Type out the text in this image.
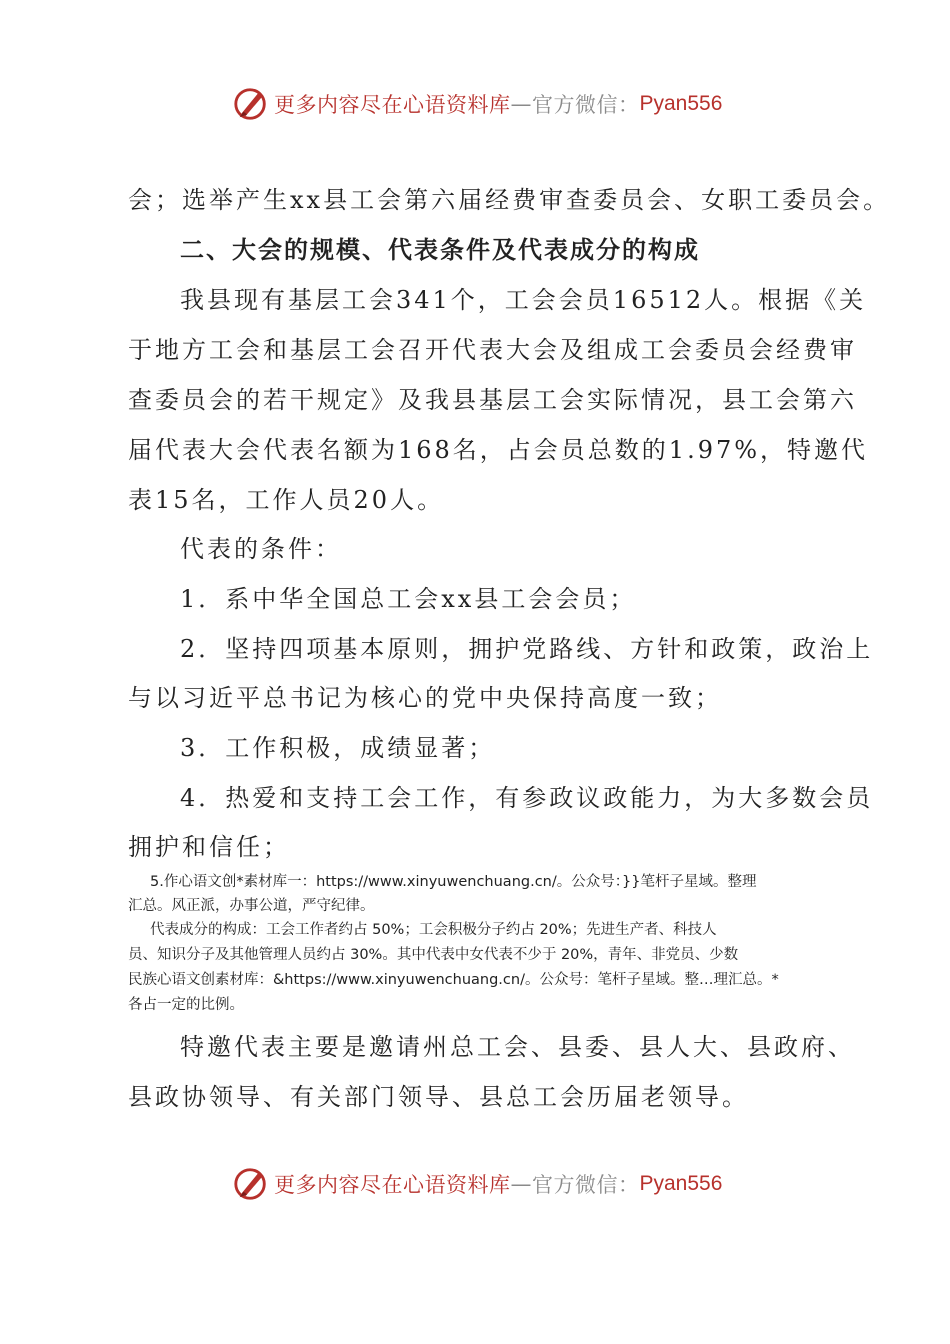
更多内容尽在心语资料库 — 官方微信： Pyan556
会；选举产生xx县工会第六届经费审查委员会、女职工委员会。
二、大会的规模、代表条件及代表成分的构成
我县现有基层工会341个，工会会员16512人。根据《关
于地方工会和基层工会召开代表大会及组成工会委员会经费审
查委员会的若干规定》及我县基层工会实际情况，县工会第六
届代表大会代表名额为168名，占会员总数的1.97%，特邀代
表15名，工作人员20人。
代表的条件：
1．系中华全国总工会xx县工会会员；
2．坚持四项基本原则，拥护党路线、方针和政策，政治上
与以习近平总书记为核心的党中央保持高度一致；
3．工作积极，成绩显著；
4．热爱和支持工会工作，有参政议政能力，为大多数会员
拥护和信任；
5.作心语文创*素材库一：https://www.xinyuwenchuang.cn/。公众号：}}笔杆子星域。整理
汇总。风正派，办事公道，严守纪律。
代表成分的构成：工会工作者约占 50%；工会积极分子约占 20%；先进生产者、科技人
员、知识分子及其他管理人员约占 30%。其中代表中女代表不少于 20%，青年、非党员、少数
民族心语文创素材库：&https://www.xinyuwenchuang.cn/。公众号：笔杆子星域。整…理汇总。*
各占一定的比例。
特邀代表主要是邀请州总工会、县委、县人大、县政府、
县政协领导、有关部门领导、县总工会历届老领导。
更多内容尽在心语资料库 — 官方微信： Pyan556
